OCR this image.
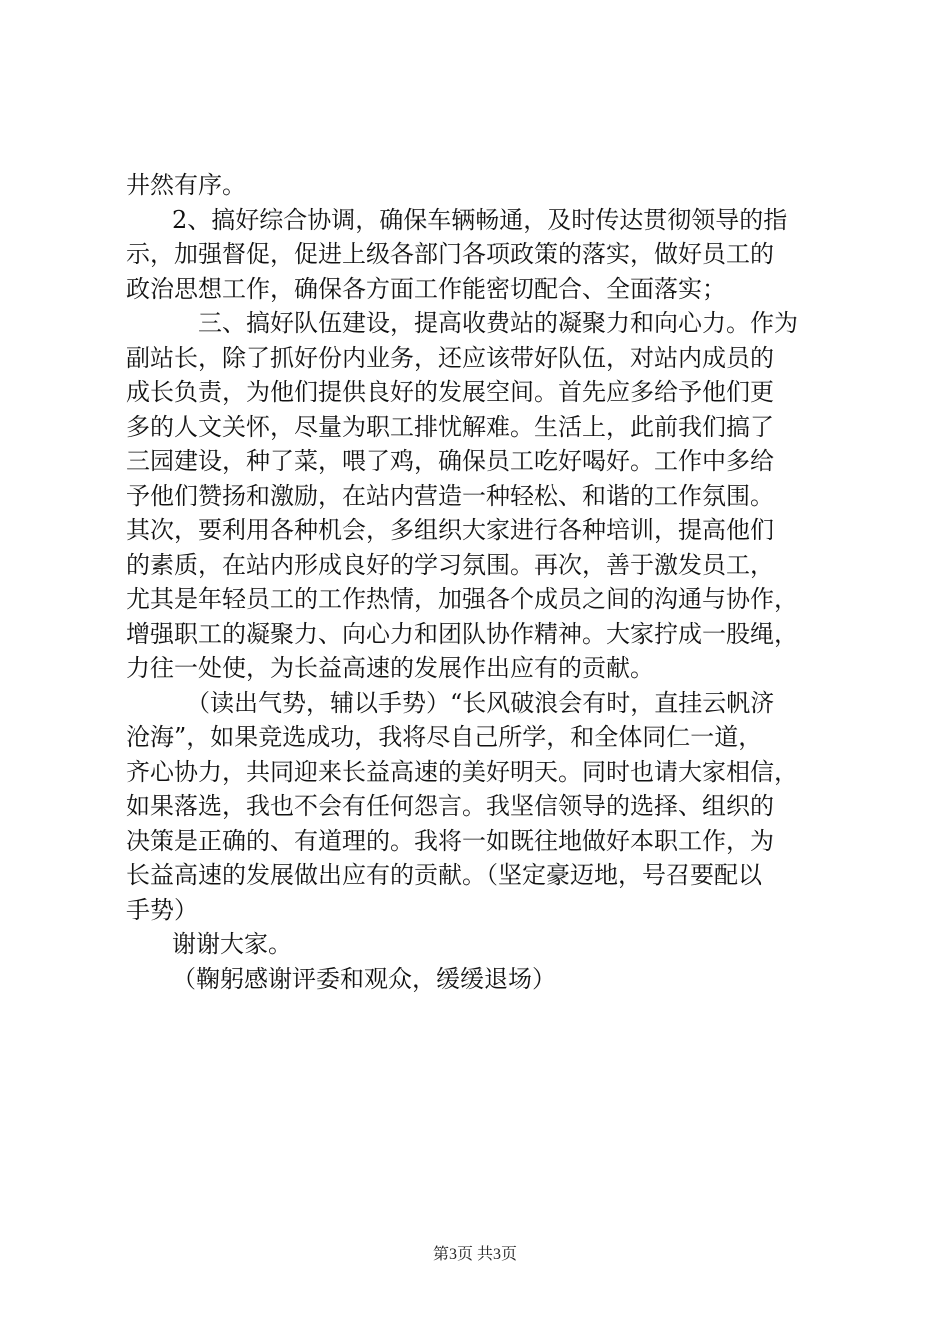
井然有序。
2、搞好综合协调，确保车辆畅通，及时传达贯彻领导的指
示，加强督促，促进上级各部门各项政策的落实，做好员工的
政治思想工作，确保各方面工作能密切配合、全面落实；
三、搞好队伍建设，提高收费站的凝聚力和向心力。作为
副站长，除了抓好份内业务，还应该带好队伍，对站内成员的
成长负责，为他们提供良好的发展空间。首先应多给予他们更
多的人文关怀，尽量为职工排忧解难。生活上，此前我们搞了
三园建设，种了菜，喂了鸡，确保员工吃好喝好。工作中多给
予他们赞扬和激励，在站内营造一种轻松、和谐的工作氛围。
其次，要利用各种机会，多组织大家进行各种培训，提高他们
的素质，在站内形成良好的学习氛围。再次，善于激发员工，
尤其是年轻员工的工作热情，加强各个成员之间的沟通与协作，
增强职工的凝聚力、向心力和团队协作精神。大家拧成一股绳，
力往一处使，为长益高速的发展作出应有的贡献。
（读出气势，辅以手势）“长风破浪会有时，直挂云帆济
沧海”，如果竞选成功，我将尽自己所学，和全体同仁一道，
齐心协力，共同迎来长益高速的美好明天。同时也请大家相信，
如果落选，我也不会有任何怨言。我坚信领导的选择、组织的
决策是正确的、有道理的。我将一如既往地做好本职工作，为
长益高速的发展做出应有的贡献。（坚定豪迈地，号召要配以
手势）
谢谢大家。
（鞠躬感谢评委和观众，缓缓退场）
第3页 共3页
